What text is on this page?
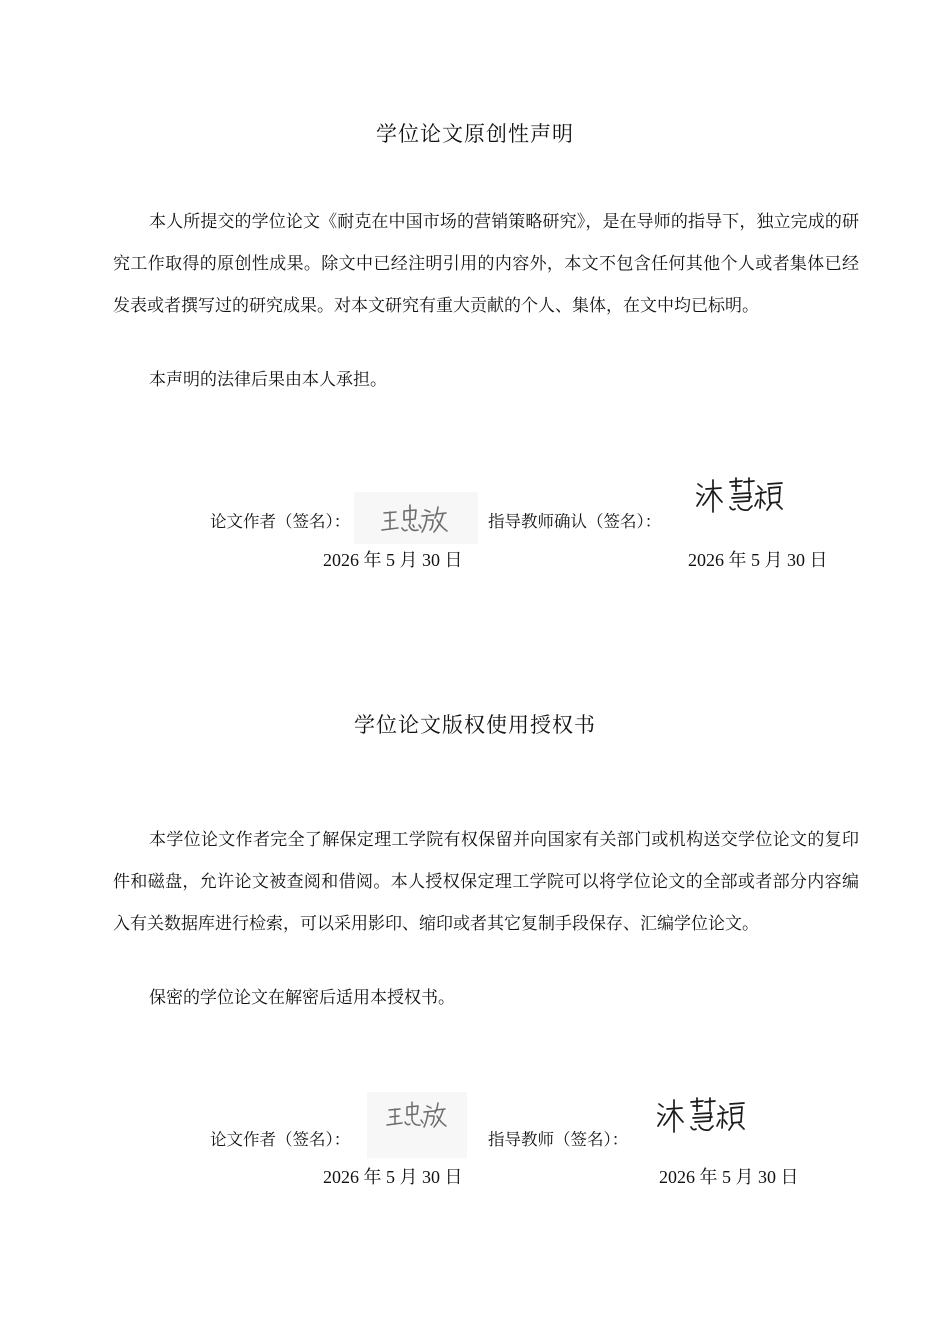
学位论文原创性声明

本人所提交的学位论文《耐克在中国市场的营销策略研究》，是在导师的指导下，独立完成的研究工作取得的原创性成果。除文中已经注明引用的内容外，本文不包含任何其他个人或者集体已经发表或者撰写过的研究成果。对本文研究有重大贡献的个人、集体，在文中均已标明。

本声明的法律后果由本人承担。

论文作者（签名）：	指导教师确认（签名）：
2026 年 5 月 30 日	2026 年 5 月 30 日
学位论文版权使用授权书

本学位论文作者完全了解保定理工学院有权保留并向国家有关部门或机构送交学位论文的复印件和磁盘，允许论文被查阅和借阅。本人授权保定理工学院可以将学位论文的全部或者部分内容编入有关数据库进行检索，可以采用影印、缩印或者其它复制手段保存、汇编学位论文。

保密的学位论文在解密后适用本授权书。

论文作者（签名）：	指导教师（签名）：
2026 年 5 月 30 日	2026 年 5 月 30 日
